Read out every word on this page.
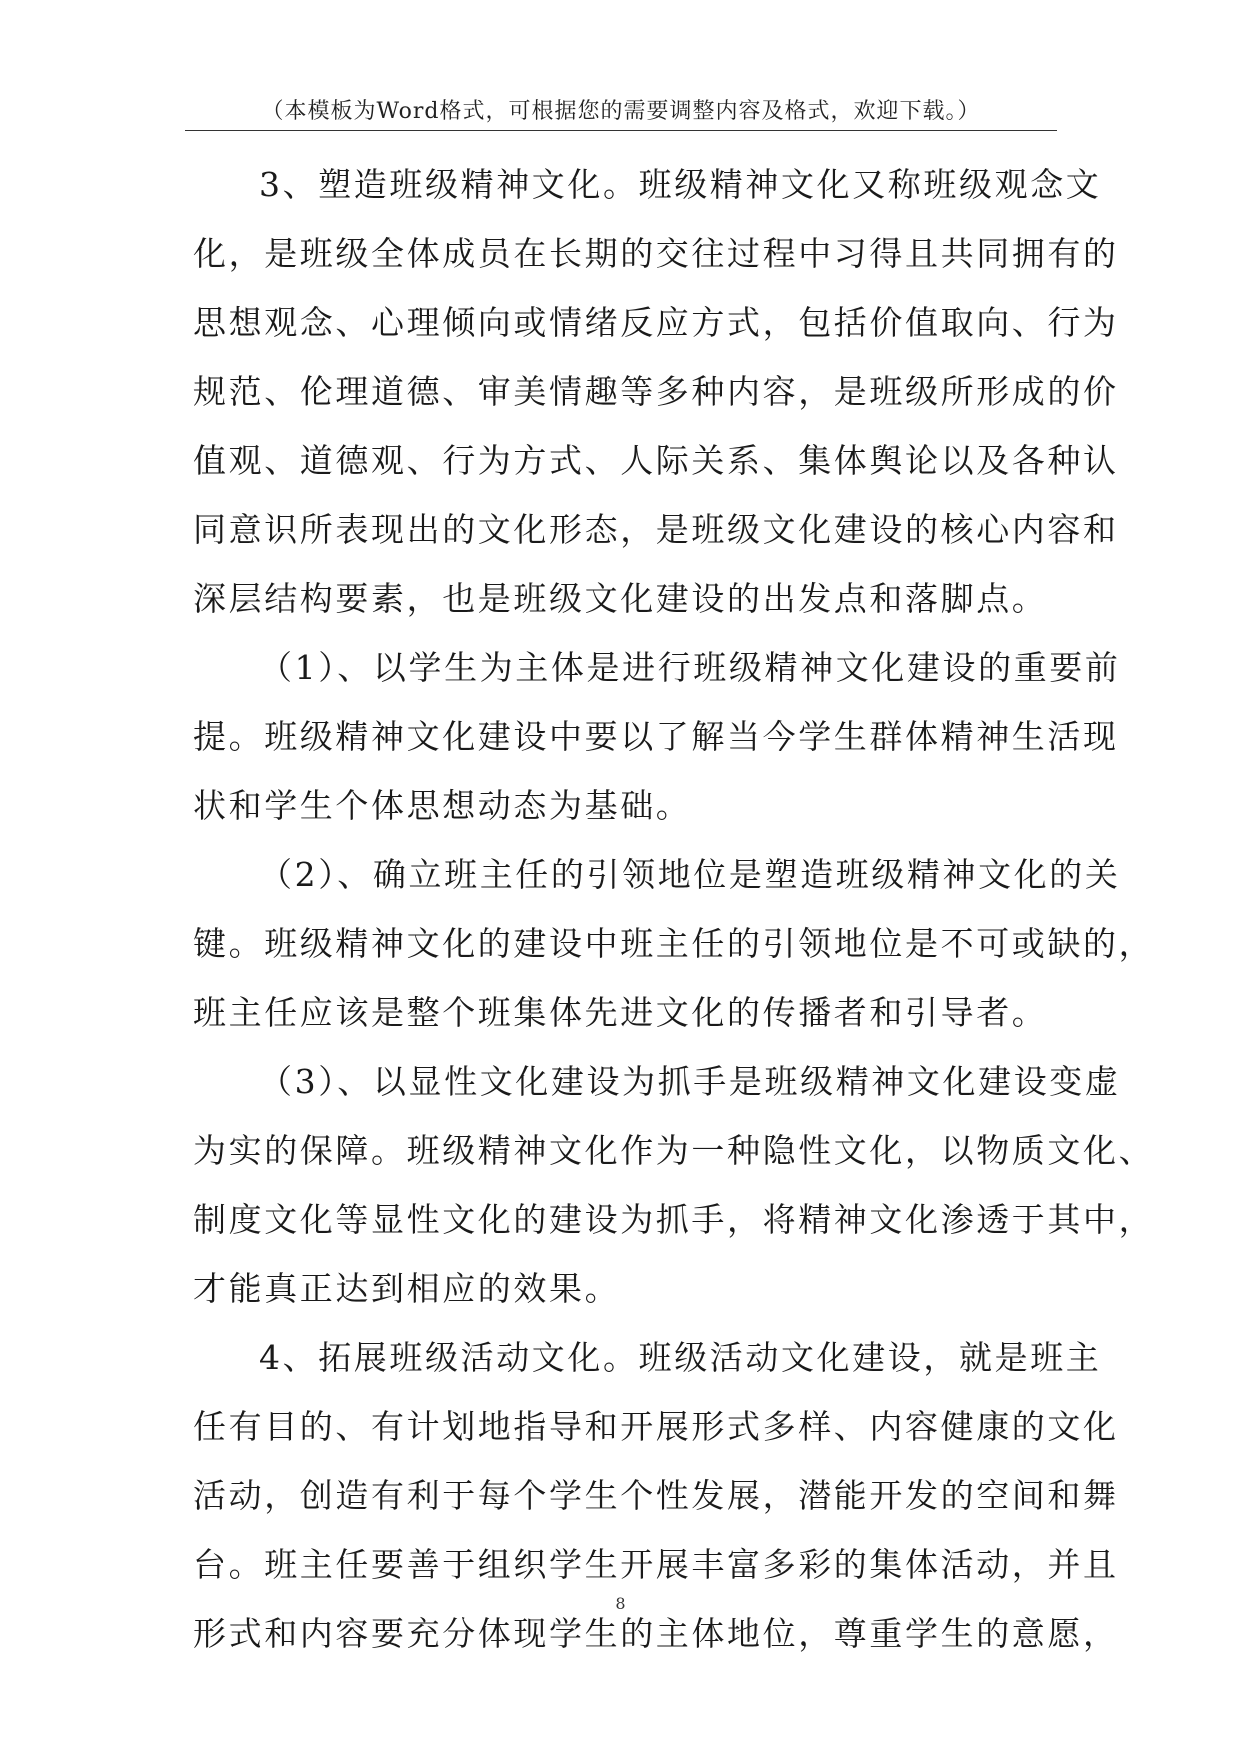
（本模板为Word格式，可根据您的需要调整内容及格式，欢迎下载。）
3、塑造班级精神文化。班级精神文化又称班级观念文
化，是班级全体成员在长期的交往过程中习得且共同拥有的
思想观念、心理倾向或情绪反应方式，包括价值取向、行为
规范、伦理道德、审美情趣等多种内容，是班级所形成的价
值观、道德观、行为方式、人际关系、集体舆论以及各种认
同意识所表现出的文化形态，是班级文化建设的核心内容和
深层结构要素，也是班级文化建设的出发点和落脚点。
（1）、以学生为主体是进行班级精神文化建设的重要前
提。班级精神文化建设中要以了解当今学生群体精神生活现
状和学生个体思想动态为基础。
（2）、确立班主任的引领地位是塑造班级精神文化的关
键。班级精神文化的建设中班主任的引领地位是不可或缺的，
班主任应该是整个班集体先进文化的传播者和引导者。
（3）、以显性文化建设为抓手是班级精神文化建设变虚
为实的保障。班级精神文化作为一种隐性文化，以物质文化、
制度文化等显性文化的建设为抓手，将精神文化渗透于其中，
才能真正达到相应的效果。
4、拓展班级活动文化。班级活动文化建设，就是班主
任有目的、有计划地指导和开展形式多样、内容健康的文化
活动，创造有利于每个学生个性发展，潜能开发的空间和舞
台。班主任要善于组织学生开展丰富多彩的集体活动，并且
形式和内容要充分体现学生的主体地位，尊重学生的意愿，
8
